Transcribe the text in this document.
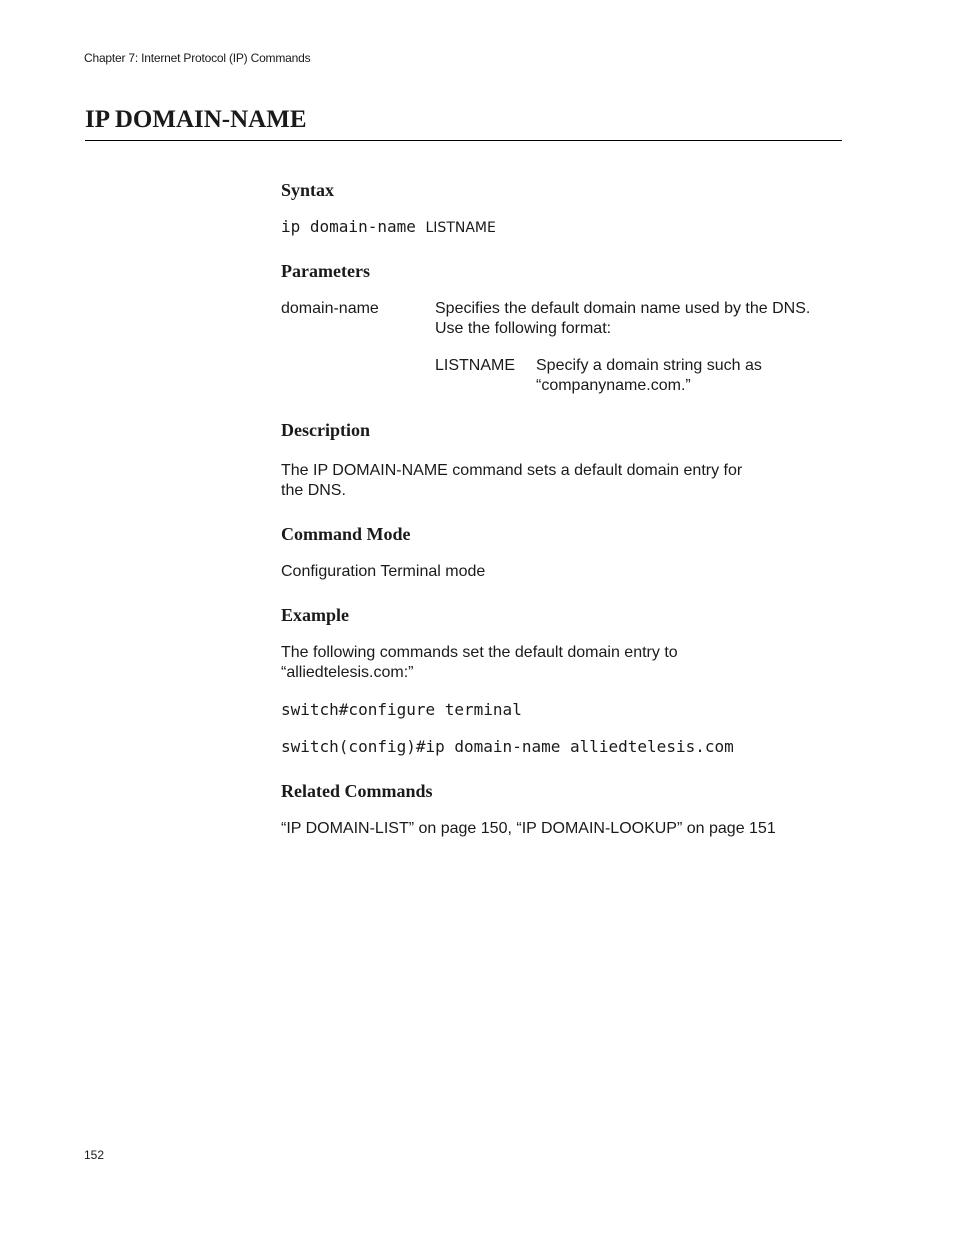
Chapter 7: Internet Protocol (IP) Commands
IP DOMAIN-NAME
Syntax
ip domain-name LISTNAME
Parameters
domain-name	Specifies the default domain name used by the DNS.
Use the following format:
LISTNAME Specify a domain string such as
“companyname.com.”
Description
The IP DOMAIN-NAME command sets a default domain entry for
the DNS.
Command Mode
Configuration Terminal mode
Example
The following commands set the default domain entry to
“alliedtelesis.com:”
switch#configure terminal
switch(config)#ip domain-name alliedtelesis.com
Related Commands
“IP DOMAIN-LIST” on page 150, “IP DOMAIN-LOOKUP” on page 151
152
